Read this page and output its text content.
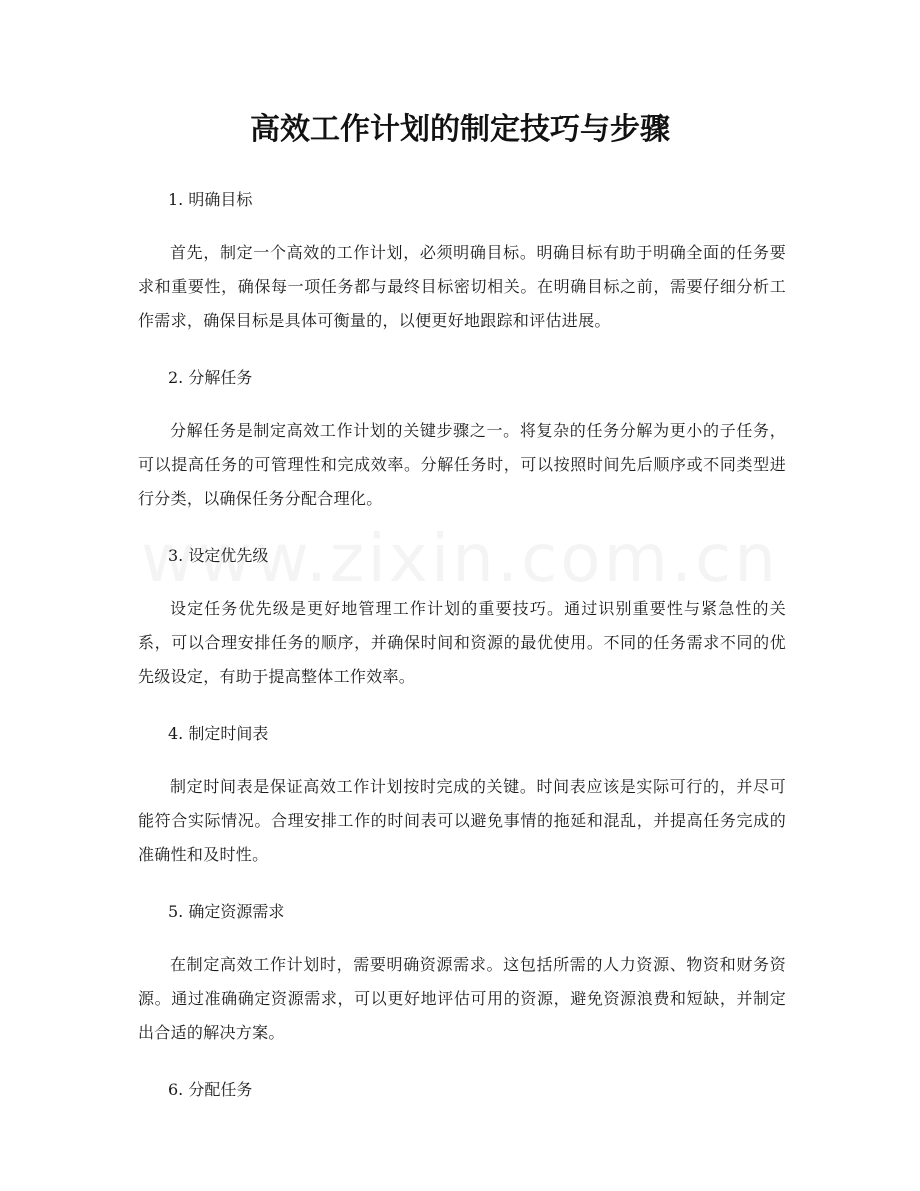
高效工作计划的制定技巧与步骤
1. 明确目标

首先，制定一个高效的工作计划，必须明确目标。明确目标有助于明确全面的任务要求和重要性，确保每一项任务都与最终目标密切相关。在明确目标之前，需要仔细分析工作需求，确保目标是具体可衡量的，以便更好地跟踪和评估进展。

2. 分解任务

分解任务是制定高效工作计划的关键步骤之一。将复杂的任务分解为更小的子任务，可以提高任务的可管理性和完成效率。分解任务时，可以按照时间先后顺序或不同类型进行分类，以确保任务分配合理化。

3. 设定优先级

设定任务优先级是更好地管理工作计划的重要技巧。通过识别重要性与紧急性的关系，可以合理安排任务的顺序，并确保时间和资源的最优使用。不同的任务需求不同的优先级设定，有助于提高整体工作效率。

4. 制定时间表

制定时间表是保证高效工作计划按时完成的关键。时间表应该是实际可行的，并尽可能符合实际情况。合理安排工作的时间表可以避免事情的拖延和混乱，并提高任务完成的准确性和及时性。

5. 确定资源需求

在制定高效工作计划时，需要明确资源需求。这包括所需的人力资源、物资和财务资源。通过准确确定资源需求，可以更好地评估可用的资源，避免资源浪费和短缺，并制定出合适的解决方案。

6. 分配任务
